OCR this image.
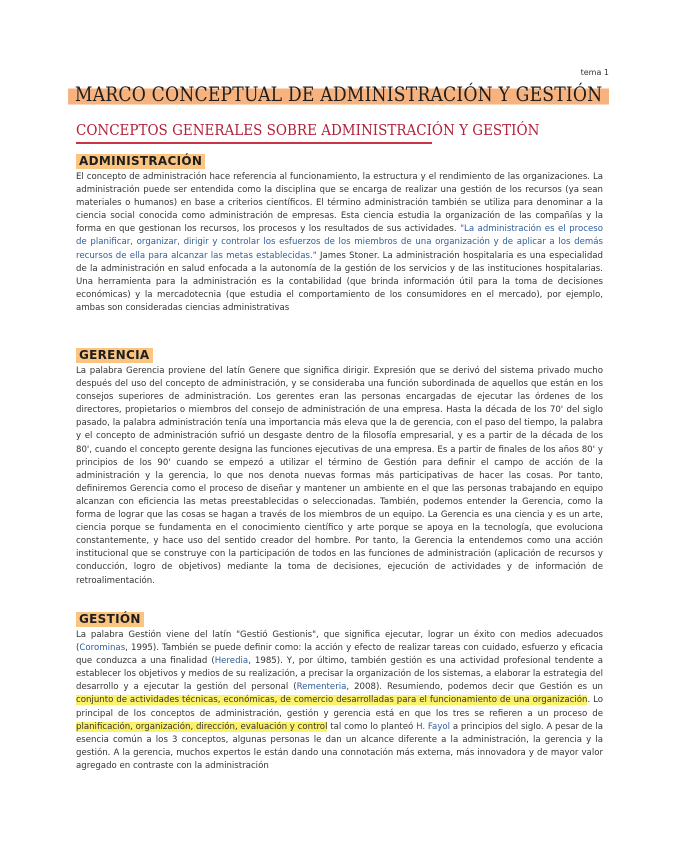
tema 1
MARCO CONCEPTUAL DE ADMINISTRACIÓN Y GESTIÓN
CONCEPTOS GENERALES SOBRE ADMINISTRACIÓN Y GESTIÓN
ADMINISTRACIÓN
El concepto de administración hace referencia al funcionamiento, la estructura y el rendimiento de las organizaciones. La administración puede ser entendida como la disciplina que se encarga de realizar una gestión de los recursos (ya sean materiales o humanos) en base a criterios científicos. El término administración también se utiliza para denominar a la ciencia social conocida como administración de empresas. Esta ciencia estudia la organización de las compañías y la forma en que gestionan los recursos, los procesos y los resultados de sus actividades. "La administración es el proceso de planificar, organizar, dirigir y controlar los esfuerzos de los miembros de una organización y de aplicar a los demás recursos de ella para alcanzar las metas establecidas." James Stoner. La administración hospitalaria es una especialidad de la administración en salud enfocada a la autonomía de la gestión de los servicios y de las instituciones hospitalarias. Una herramienta para la administración es la contabilidad (que brinda información útil para la toma de decisiones económicas) y la mercadotecnia (que estudia el comportamiento de los consumidores en el mercado), por ejemplo, ambas son consideradas ciencias administrativas
GERENCIA
La palabra Gerencia proviene del latín Genere que significa dirigir. Expresión que se derivó del sistema privado mucho después del uso del concepto de administración, y se consideraba una función subordinada de aquellos que están en los consejos superiores de administración. Los gerentes eran las personas encargadas de ejecutar las órdenes de los directores, propietarios o miembros del consejo de administración de una empresa. Hasta la década de los 70' del siglo pasado, la palabra administración tenía una importancia más eleva que la de gerencia, con el paso del tiempo, la palabra y el concepto de administración sufrió un desgaste dentro de la filosofía empresarial, y es a partir de la década de los 80', cuando el concepto gerente designa las funciones ejecutivas de una empresa. Es a partir de finales de los años 80' y principios de los 90' cuando se empezó a utilizar el término de Gestión para definir el campo de acción de la administración y la gerencia, lo que nos denota nuevas formas más participativas de hacer las cosas. Por tanto, definiremos Gerencia como el proceso de diseñar y mantener un ambiente en el que las personas trabajando en equipo alcanzan con eficiencia las metas preestablecidas o seleccionadas. También, podemos entender la Gerencia, como la forma de lograr que las cosas se hagan a través de los miembros de un equipo. La Gerencia es una ciencia y es un arte, ciencia porque se fundamenta en el conocimiento científico y arte porque se apoya en la tecnología, que evoluciona constantemente, y hace uso del sentido creador del hombre. Por tanto, la Gerencia la entendemos como una acción institucional que se construye con la participación de todos en las funciones de administración (aplicación de recursos y conducción, logro de objetivos) mediante la toma de decisiones, ejecución de actividades y de información de retroalimentación.
GESTIÓN
La palabra Gestión viene del latín "Gestió Gestionis", que significa ejecutar, lograr un éxito con medios adecuados (Corominas, 1995). También se puede definir como: la acción y efecto de realizar tareas con cuidado, esfuerzo y eficacia que conduzca a una finalidad (Heredia, 1985). Y, por último, también gestión es una actividad profesional tendente a establecer los objetivos y medios de su realización, a precisar la organización de los sistemas, a elaborar la estrategia del desarrollo y a ejecutar la gestión del personal (Rementeria, 2008). Resumiendo, podemos decir que Gestión es un conjunto de actividades técnicas, económicas, de comercio desarrolladas para el funcionamiento de una organización. Lo principal de los conceptos de administración, gestión y gerencia está en que los tres se refieren a un proceso de planificación, organización, dirección, evaluación y control tal como lo planteó H. Fayol a principios del siglo. A pesar de la esencia común a los 3 conceptos, algunas personas le dan un alcance diferente a la administración, la gerencia y la gestión. A la gerencia, muchos expertos le están dando una connotación más externa, más innovadora y de mayor valor agregado en contraste con la administración
